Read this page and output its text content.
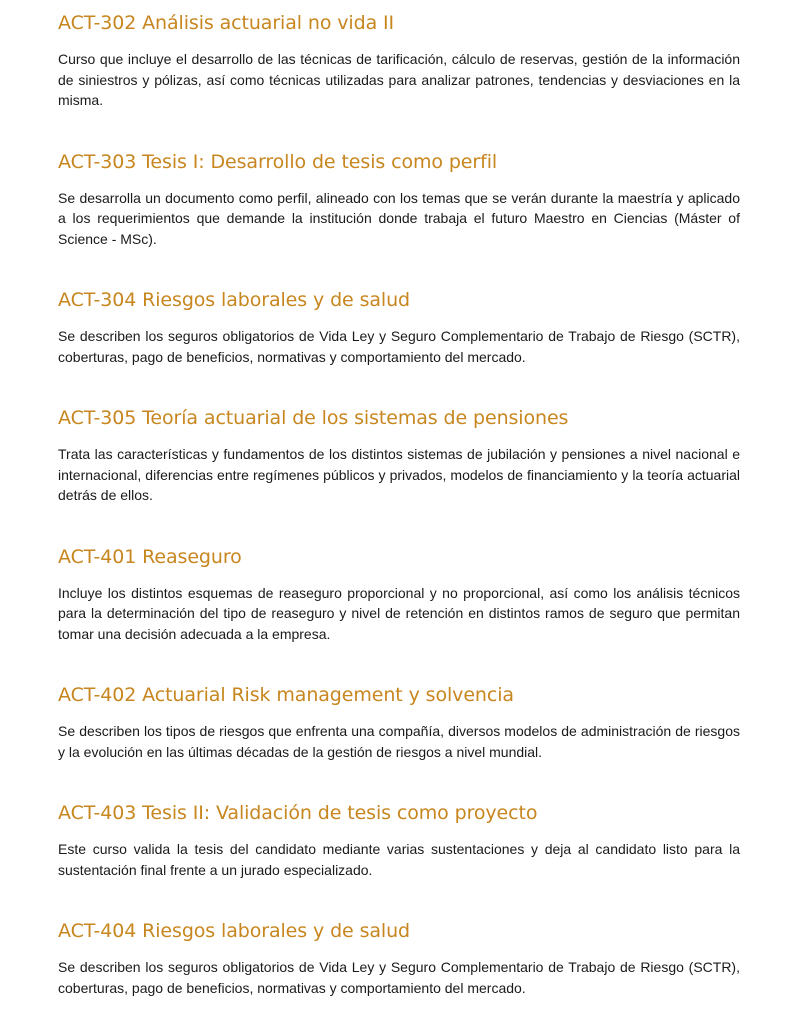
ACT-302 Análisis actuarial no vida II

Curso que incluye el desarrollo de las técnicas de tarificación, cálculo de reservas, gestión de la información de siniestros y pólizas, así como técnicas utilizadas para analizar patrones, tendencias y desviaciones en la misma.

ACT-303 Tesis I: Desarrollo de tesis como perfil

Se desarrolla un documento como perfil, alineado con los temas que se verán durante la maestría y aplicado a los requerimientos que demande la institución donde trabaja el futuro Maestro en Ciencias (Máster of Science - MSc).

ACT-304 Riesgos laborales y de salud

Se describen los seguros obligatorios de Vida Ley y Seguro Complementario de Trabajo de Riesgo (SCTR), coberturas, pago de beneficios, normativas y comportamiento del mercado.

ACT-305 Teoría actuarial de los sistemas de pensiones

Trata las características y fundamentos de los distintos sistemas de jubilación y pensiones a nivel nacional e internacional, diferencias entre regímenes públicos y privados, modelos de financiamiento y la teoría actuarial detrás de ellos.

ACT-401 Reaseguro

Incluye los distintos esquemas de reaseguro proporcional y no proporcional, así como los análisis técnicos para la determinación del tipo de reaseguro y nivel de retención en distintos ramos de seguro que permitan tomar una decisión adecuada a la empresa.

ACT-402 Actuarial Risk management y solvencia

Se describen los tipos de riesgos que enfrenta una compañía, diversos modelos de administración de riesgos y la evolución en las últimas décadas de la gestión de riesgos a nivel mundial.

ACT-403 Tesis II: Validación de tesis como proyecto

Este curso valida la tesis del candidato mediante varias sustentaciones y deja al candidato listo para la sustentación final frente a un jurado especializado.

ACT-404 Riesgos laborales y de salud

Se describen los seguros obligatorios de Vida Ley y Seguro Complementario de Trabajo de Riesgo (SCTR), coberturas, pago de beneficios, normativas y comportamiento del mercado.
